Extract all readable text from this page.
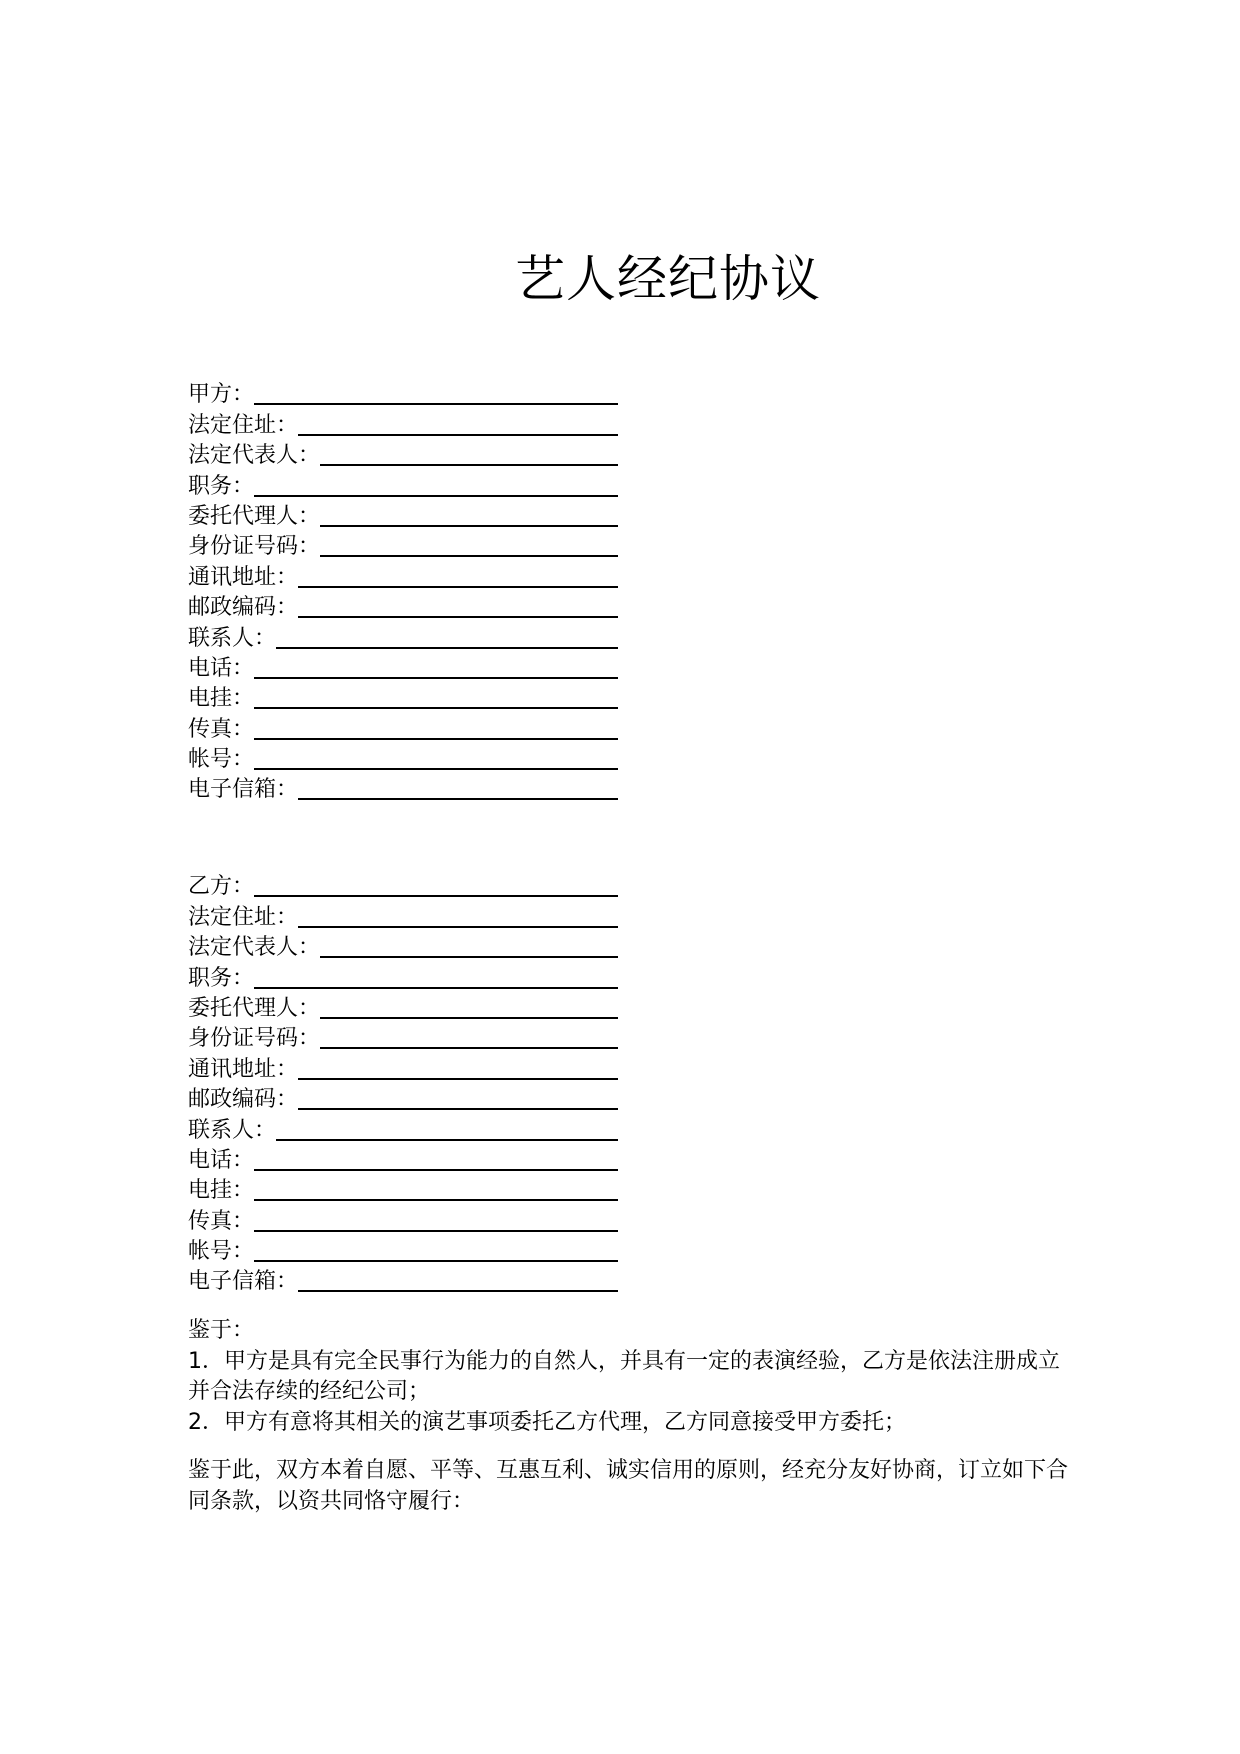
艺人经纪协议
甲方：
法定住址：
法定代表人：
职务：
委托代理人：
身份证号码：
通讯地址：
邮政编码：
联系人：
电话：
电挂：
传真：
帐号：
电子信箱：
乙方：
法定住址：
法定代表人：
职务：
委托代理人：
身份证号码：
通讯地址：
邮政编码：
联系人：
电话：
电挂：
传真：
帐号：
电子信箱：

鉴于：

1．甲方是具有完全民事行为能力的自然人，并具有一定的表演经验，乙方是依法注册成立并合法存续的经纪公司；

2．甲方有意将其相关的演艺事项委托乙方代理，乙方同意接受甲方委托；

鉴于此，双方本着自愿、平等、互惠互利、诚实信用的原则，经充分友好协商，订立如下合同条款，以资共同恪守履行：
